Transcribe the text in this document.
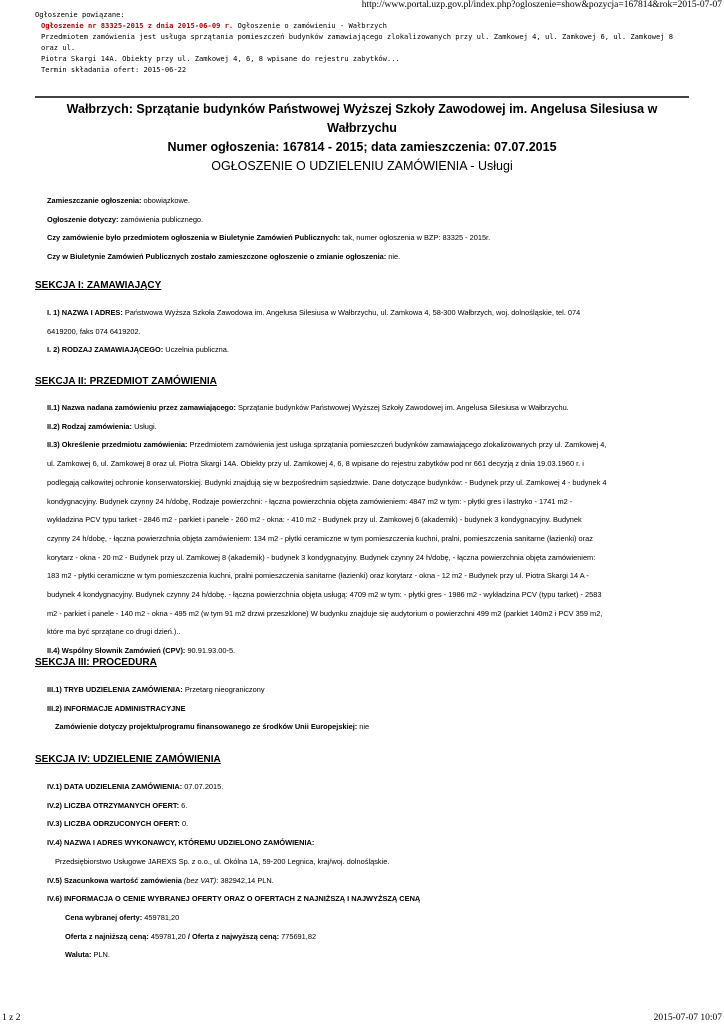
http://www.portal.uzp.gov.pl/index.php?ogloszenie=show&pozycja=167814&rok=2015-07-07
Ogłoszenie powiązane:
Ogłoszenie nr 83325-2015 z dnia 2015-06-09 r. Ogłoszenie o zamówieniu - Wałbrzych
Przedmiotem zamówienia jest usługa sprzątania pomieszczeń budynków zamawiającego zlokalizowanych przy ul. Zamkowej 4, ul. Zamkowej 6, ul. Zamkowej 8 oraz ul.
Piotra Skargi 14A. Obiekty przy ul. Zamkowej 4, 6, 8 wpisane do rejestru zabytków...
Termin składania ofert: 2015-06-22
Wałbrzych: Sprzątanie budynków Państwowej Wyższej Szkoły Zawodowej im. Angelusa Silesiusa w
Wałbrzychu
Numer ogłoszenia: 167814 - 2015; data zamieszczenia: 07.07.2015
OGŁOSZENIE O UDZIELENIU ZAMÓWIENIA - Usługi

Zamieszczanie ogłoszenia: obowiązkowe.

Ogłoszenie dotyczy: zamówienia publicznego.

Czy zamówienie było przedmiotem ogłoszenia w Biuletynie Zamówień Publicznych: tak, numer ogłoszenia w BZP: 83325 - 2015r.

Czy w Biuletynie Zamówień Publicznych zostało zamieszczone ogłoszenie o zmianie ogłoszenia: nie.

SEKCJA I: ZAMAWIAJĄCY

I. 1) NAZWA I ADRES: Państwowa Wyższa Szkoła Zawodowa im. Angelusa Silesiusa w Wałbrzychu, ul. Zamkowa 4, 58-300 Wałbrzych, woj. dolnośląskie, tel. 074

6419200, faks 074 6419202.

I. 2) RODZAJ ZAMAWIAJĄCEGO: Uczelnia publiczna.

SEKCJA II: PRZEDMIOT ZAMÓWIENIA

II.1) Nazwa nadana zamówieniu przez zamawiającego: Sprzątanie budynków Państwowej Wyższej Szkoły Zawodowej im. Angelusa Silesiusa w Wałbrzychu.

II.2) Rodzaj zamówienia: Usługi.

II.3) Określenie przedmiotu zamówienia: Przedmiotem zamówienia jest usługa sprzątania pomieszczeń budynków zamawiającego zlokalizowanych przy ul. Zamkowej 4,

ul. Zamkowej 6, ul. Zamkowej 8 oraz ul. Piotra Skargi 14A. Obiekty przy ul. Zamkowej 4, 6, 8 wpisane do rejestru zabytków pod nr 661 decyzją z dnia 19.03.1960 r. i

podlegają całkowitej ochronie konserwatorskiej. Budynki znajdują się w bezpośrednim sąsiedztwie. Dane dotyczące budynków: - Budynek przy ul. Zamkowej 4 - budynek 4

kondygnacyjny. Budynek czynny 24 h/dobę, Rodzaje powierzchni: - łączna powierzchnia objęta zamówieniem: 4847 m2 w tym: - płytki gres i lastryko - 1741 m2 -

wykładzina PCV typu tarket - 2846 m2 - parkiet i panele - 260 m2 - okna: - 410 m2 - Budynek przy ul. Zamkowej 6 (akademik) - budynek 3 kondygnacyjny. Budynek

czynny 24 h/dobę, - łączna powierzchnia objęta zamówieniem: 134 m2 - płytki ceramiczne w tym pomieszczenia kuchni, pralni, pomieszczenia sanitarne (łazienki) oraz

korytarz - okna - 20 m2 - Budynek przy ul. Zamkowej 8 (akademik) - budynek 3 kondygnacyjny. Budynek czynny 24 h/dobę, - łączna powierzchnia objęta zamówieniem:

183 m2 - płytki ceramiczne w tym pomieszczenia kuchni, pralni pomieszczenia sanitarne (łazienki) oraz korytarz - okna - 12 m2 - Budynek przy ul. Piotra Skargi 14 A -

budynek 4 kondygnacyjny. Budynek czynny 24 h/dobę. - łączna powierzchnia objęta usługą: 4709 m2 w tym: - płytki gres - 1986 m2 - wykładzina PCV (typu tarket) - 2583

m2 - parkiet i panele - 140 m2 - okna - 495 m2 (w tym 91 m2 drzwi przeszklone) W budynku znajduje się audytorium o powierzchni 499 m2 (parkiet 140m2 i PCV 359 m2,

które ma być sprzątane co drugi dzień.)..

II.4) Wspólny Słownik Zamówień (CPV): 90.91.93.00-5.

SEKCJA III: PROCEDURA

III.1) TRYB UDZIELENIA ZAMÓWIENIA: Przetarg nieograniczony

III.2) INFORMACJE ADMINISTRACYJNE

Zamówienie dotyczy projektu/programu finansowanego ze środków Unii Europejskiej: nie

SEKCJA IV: UDZIELENIE ZAMÓWIENIA

IV.1) DATA UDZIELENIA ZAMÓWIENIA: 07.07.2015.

IV.2) LICZBA OTRZYMANYCH OFERT: 6.

IV.3) LICZBA ODRZUCONYCH OFERT: 0.

IV.4) NAZWA I ADRES WYKONAWCY, KTÓREMU UDZIELONO ZAMÓWIENIA:

Przedsiębiorstwo Usługowe JAREXS Sp. z o.o., ul. Okólna 1A, 59-200 Legnica, kraj/woj. dolnośląskie.

IV.5) Szacunkowa wartość zamówienia (bez VAT): 382942,14 PLN.

IV.6) INFORMACJA O CENIE WYBRANEJ OFERTY ORAZ O OFERTACH Z NAJNIŻSZĄ I NAJWYŻSZĄ CENĄ

Cena wybranej oferty: 459781,20

Oferta z najniższą ceną: 459781,20 / Oferta z najwyższą ceną: 775691,82

Waluta: PLN.

1 z 2	2015-07-07 10:07
